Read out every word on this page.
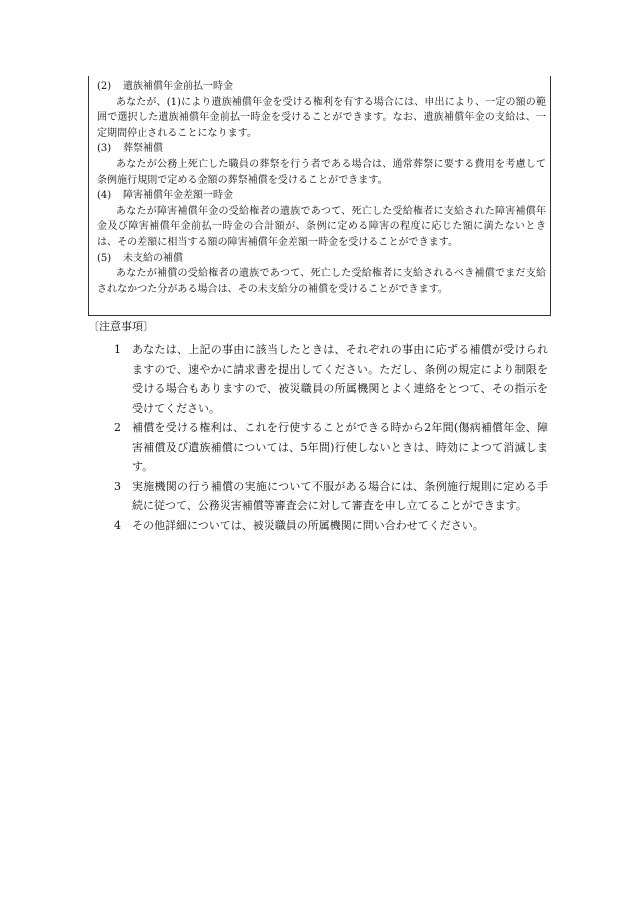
(2) 遺族補償年金前払一時金
あなたが、(1)により遺族補償年金を受ける権利を有する場合には、申出により、一定の額の範囲で選択した遺族補償年金前払一時金を受けることができます。なお、遺族補償年金の支給は、一定期間停止されることになります。
(3) 葬祭補償
あなたが公務上死亡した職員の葬祭を行う者である場合は、通常葬祭に要する費用を考慮して条例施行規則で定める金額の葬祭補償を受けることができます。
(4) 障害補償年金差額一時金
あなたが障害補償年金の受給権者の遺族であつて、死亡した受給権者に支給された障害補償年金及び障害補償年金前払一時金の合計額が、条例に定める障害の程度に応じた額に満たないときは、その差額に相当する額の障害補償年金差額一時金を受けることができます。
(5) 未支給の補償
あなたが補償の受給権者の遺族であつて、死亡した受給権者に支給されるべき補償でまだ支給されなかつた分がある場合は、その未支給分の補償を受けることができます。
〔注意事項〕
1 あなたは、上記の事由に該当したときは、それぞれの事由に応ずる補償が受けられますので、速やかに請求書を提出してください。ただし、条例の規定により制限を受ける場合もありますので、被災職員の所属機関とよく連絡をとつて、その指示を受けてください。
2 補償を受ける権利は、これを行使することができる時から2年間(傷病補償年金、障害補償及び遺族補償については、5年間)行使しないときは、時効によつて消滅します。
3 実施機関の行う補償の実施について不服がある場合には、条例施行規則に定める手続に従つて、公務災害補償等審査会に対して審査を申し立てることができます。
4 その他詳細については、被災職員の所属機関に問い合わせてください。
